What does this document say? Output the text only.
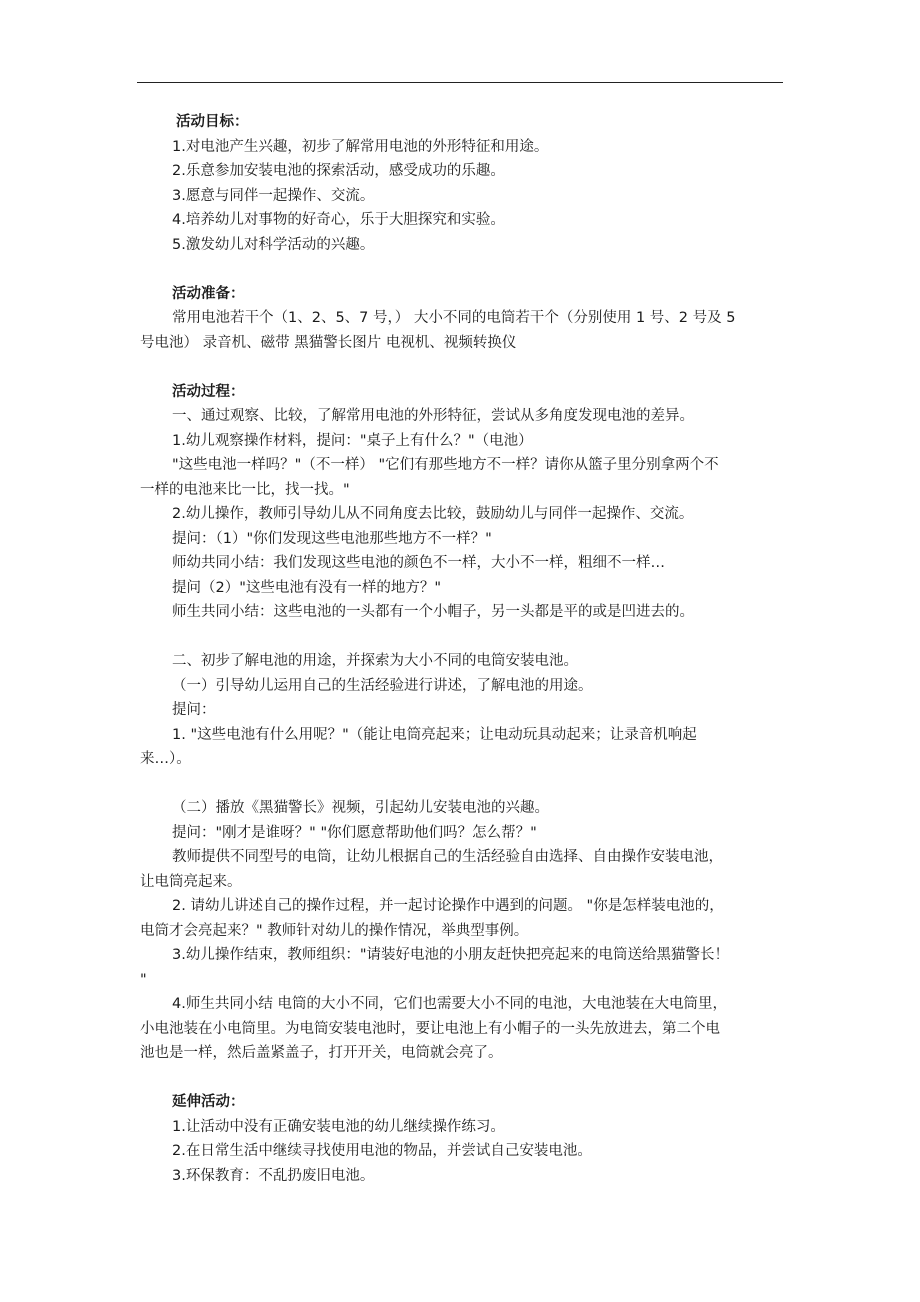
活动目标：
1.对电池产生兴趣，初步了解常用电池的外形特征和用途。
2.乐意参加安装电池的探索活动，感受成功的乐趣。
3.愿意与同伴一起操作、交流。
4.培养幼儿对事物的好奇心，乐于大胆探究和实验。
5.激发幼儿对科学活动的兴趣。
活动准备：
常用电池若干个（1、2、5、7 号，） 大小不同的电筒若干个（分别使用 1 号、2 号及 5
号电池） 录音机、磁带 黑猫警长图片 电视机、视频转换仪
活动过程：
一、通过观察、比较，了解常用电池的外形特征，尝试从多角度发现电池的差异。
1.幼儿观察操作材料，提问："桌子上有什么？"（电池）
"这些电池一样吗？"（不一样） "它们有那些地方不一样？请你从篮子里分别拿两个不
一样的电池来比一比，找一找。"
2.幼儿操作，教师引导幼儿从不同角度去比较，鼓励幼儿与同伴一起操作、交流。
提问：（1）"你们发现这些电池那些地方不一样？"
师幼共同小结：我们发现这些电池的颜色不一样，大小不一样，粗细不一样…
提问（2）"这些电池有没有一样的地方？"
师生共同小结：这些电池的一头都有一个小帽子，另一头都是平的或是凹进去的。
二、初步了解电池的用途，并探索为大小不同的电筒安装电池。
（一）引导幼儿运用自己的生活经验进行讲述，了解电池的用途。
提问：
1. "这些电池有什么用呢？"（能让电筒亮起来；让电动玩具动起来；让录音机响起
来…）。
（二）播放《黑猫警长》视频，引起幼儿安装电池的兴趣。
提问："刚才是谁呀？" "你们愿意帮助他们吗？怎么帮？"
教师提供不同型号的电筒，让幼儿根据自己的生活经验自由选择、自由操作安装电池，
让电筒亮起来。
2. 请幼儿讲述自己的操作过程，并一起讨论操作中遇到的问题。 "你是怎样装电池的，
电筒才会亮起来？" 教师针对幼儿的操作情况，举典型事例。
3.幼儿操作结束，教师组织："请装好电池的小朋友赶快把亮起来的电筒送给黑猫警长！
"
4.师生共同小结 电筒的大小不同，它们也需要大小不同的电池，大电池装在大电筒里，
小电池装在小电筒里。为电筒安装电池时，要让电池上有小帽子的一头先放进去，第二个电
池也是一样，然后盖紧盖子，打开开关，电筒就会亮了。
延伸活动：
1.让活动中没有正确安装电池的幼儿继续操作练习。
2.在日常生活中继续寻找使用电池的物品，并尝试自己安装电池。
3.环保教育：不乱扔废旧电池。
